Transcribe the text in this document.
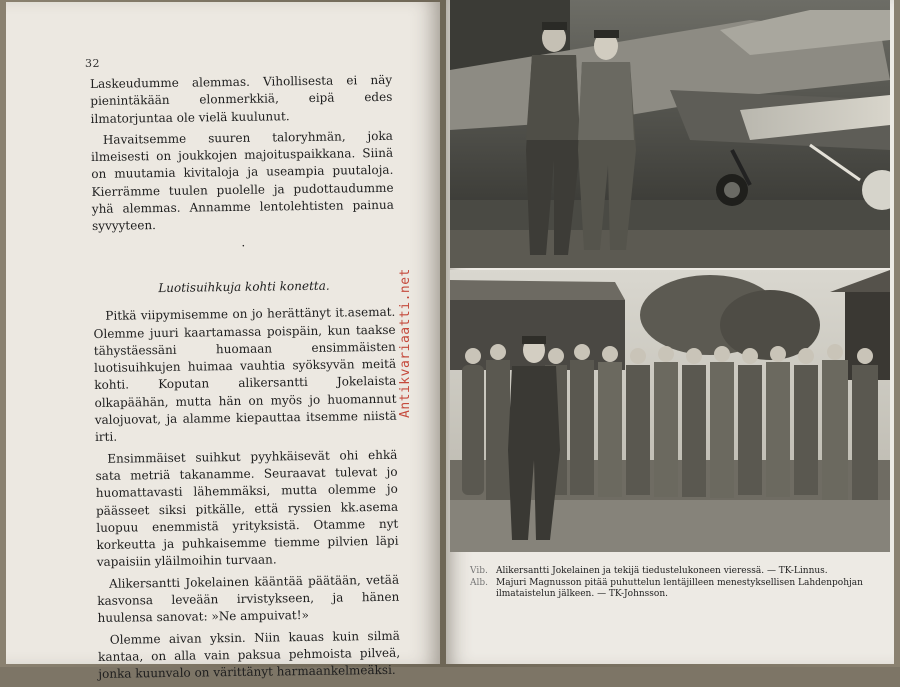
32

Laskeudumme alemmas. Vihollisesta ei näy pienintäkään elonmerkkiä, eipä edes ilmatorjuntaa ole vielä kuulunut.

Havaitsemme suuren taloryhmän, joka ilmeisesti on joukkojen majoituspaikkana. Siinä on muutamia kivitaloja ja useampia puutaloja. Kierrämme tuulen puolelle ja pudottaudumme yhä alemmas. Annamme lentolehtisten painua syvyyteen.

·

Luotisuihkuja kohti konetta.

Pitkä viipymisemme on jo herättänyt it.asemat. Olemme juuri kaartamassa poispäin, kun taakse tähystäessäni huomaan ensimmäisten luotisuihkujen huimaa vauhtia syöksyvän meitä kohti. Koputan alikersantti Jokelaista olkapäähän, mutta hän on myös jo huomannut valojuovat, ja alamme kiepauttaa itsemme niistä irti.

Ensimmäiset suihkut pyyhkäisevät ohi ehkä sata metriä takanamme. Seuraavat tulevat jo huomattavasti lähemmäksi, mutta olemme jo päässeet siksi pitkälle, että ryssien kk.asema luopuu enemmistä yrityksistä. Otamme nyt korkeutta ja puhkaisemme tiemme pilvien läpi vapaisiin yläilmoihin turvaan.

Alikersantti Jokelainen kääntää päätään, vetää kasvonsa leveään irvistykseen, ja hänen huulensa sanovat: »Ne ampuivat!»

Olemme aivan yksin. Niin kauas kuin silmä kantaa, on alla vain paksua pehmoista pilveä, jonka kuunvalo on värittänyt harmaankelmeäksi.

Antikvariaatti.net
Vib. Alikersantti Jokelainen ja tekijä tiedustelukoneen vieressä. — TK-Linnus.
Alb. Majuri Magnusson pitää puhuttelun lentäjilleen menestyksellisen Lahdenpohjan ilmataistelun jälkeen. — TK-Johnsson.
